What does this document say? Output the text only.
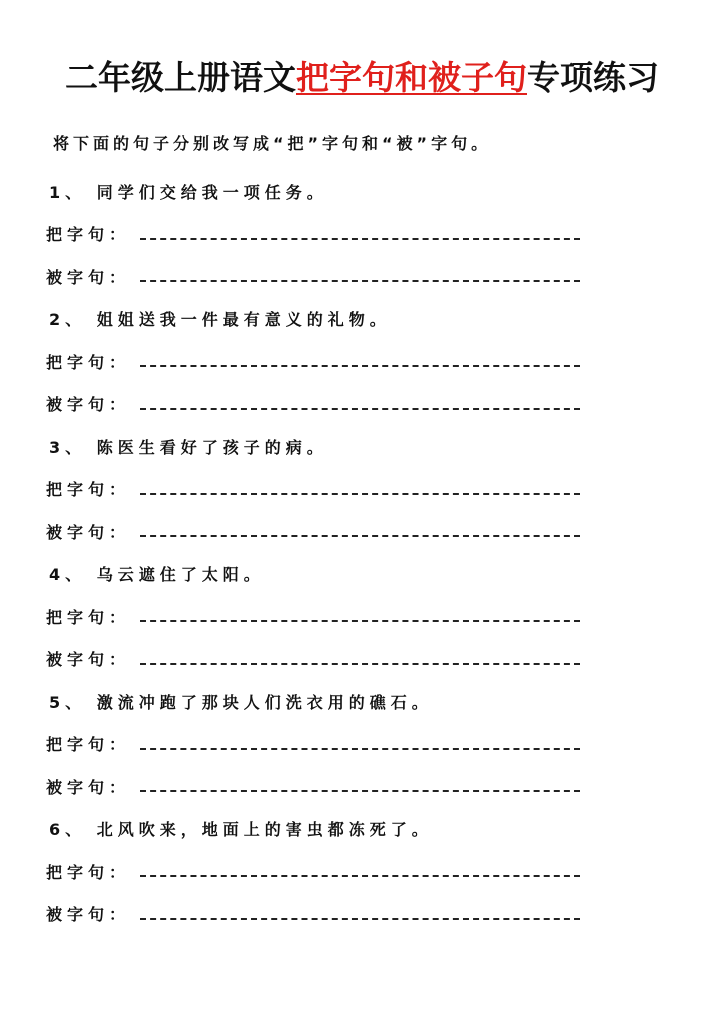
二年级上册语文把字句和被子句专项练习
将下面的句子分别改写成“把”字句和“被”字句。
1、 同学们交给我一项任务。
把字句：
被字句：
2、 姐姐送我一件最有意义的礼物。
把字句：
被字句：
3、 陈医生看好了孩子的病。
把字句：
被字句：
4、 乌云遮住了太阳。
把字句：
被字句：
5、 激流冲跑了那块人们洗衣用的礁石。
把字句：
被字句：
6、 北风吹来，地面上的害虫都冻死了。
把字句：
被字句：
